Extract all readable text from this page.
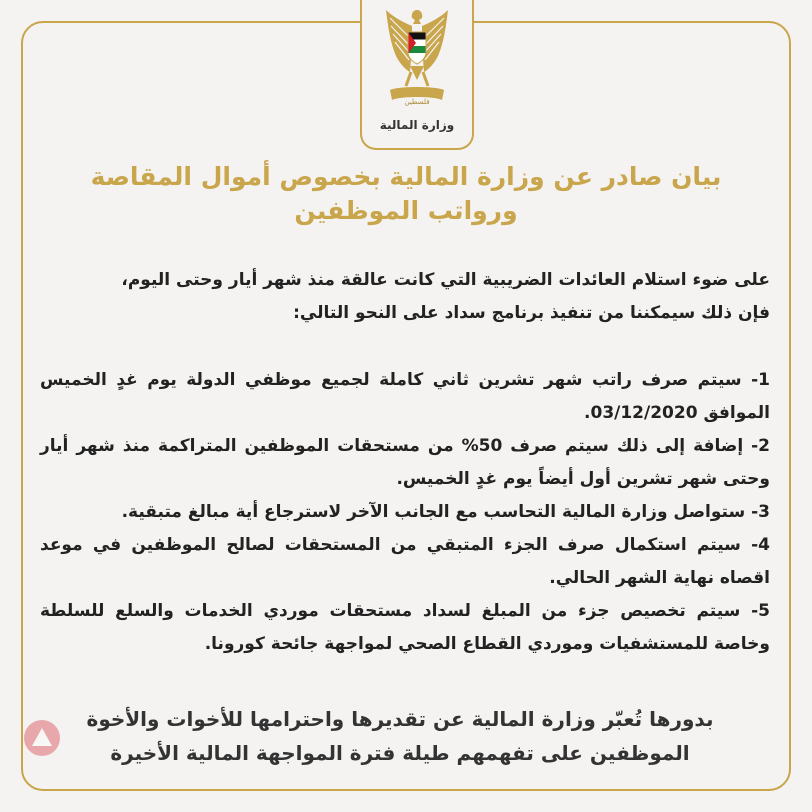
فلسطين
وزارة المالية
بيان صادر عن وزارة المالية بخصوص أموال المقاصة
ورواتب الموظفين
على ضوء استلام العائدات الضريبية التي كانت عالقة منذ شهر أيار وحتى اليوم،
فإن ذلك سيمكننا من تنفيذ برنامج سداد على النحو التالي:

1- سيتم صرف راتب شهر تشرين ثاني كاملة لجميع موظفي الدولة يوم غدٍ الخميس الموافق 03/12/2020.

2- إضافة إلى ذلك سيتم صرف 50% من مستحقات الموظفين المتراكمة منذ شهر أيار وحتى شهر تشرين أول أيضاً يوم غدٍ الخميس.

3- ستواصل وزارة المالية التحاسب مع الجانب الآخر لاسترجاع أية مبالغ متبقية.

4- سيتم استكمال صرف الجزء المتبقي من المستحقات لصالح الموظفين في موعد اقصاه نهاية الشهر الحالي.

5- سيتم تخصيص جزء من المبلغ لسداد مستحقات موردي الخدمات والسلع للسلطة وخاصة للمستشفيات وموردي القطاع الصحي لمواجهة جائحة كورونا.

بدورها تُعبّر وزارة المالية عن تقديرها واحترامها للأخوات والأخوة
الموظفين على تفهمهم طيلة فترة المواجهة المالية الأخيرة
